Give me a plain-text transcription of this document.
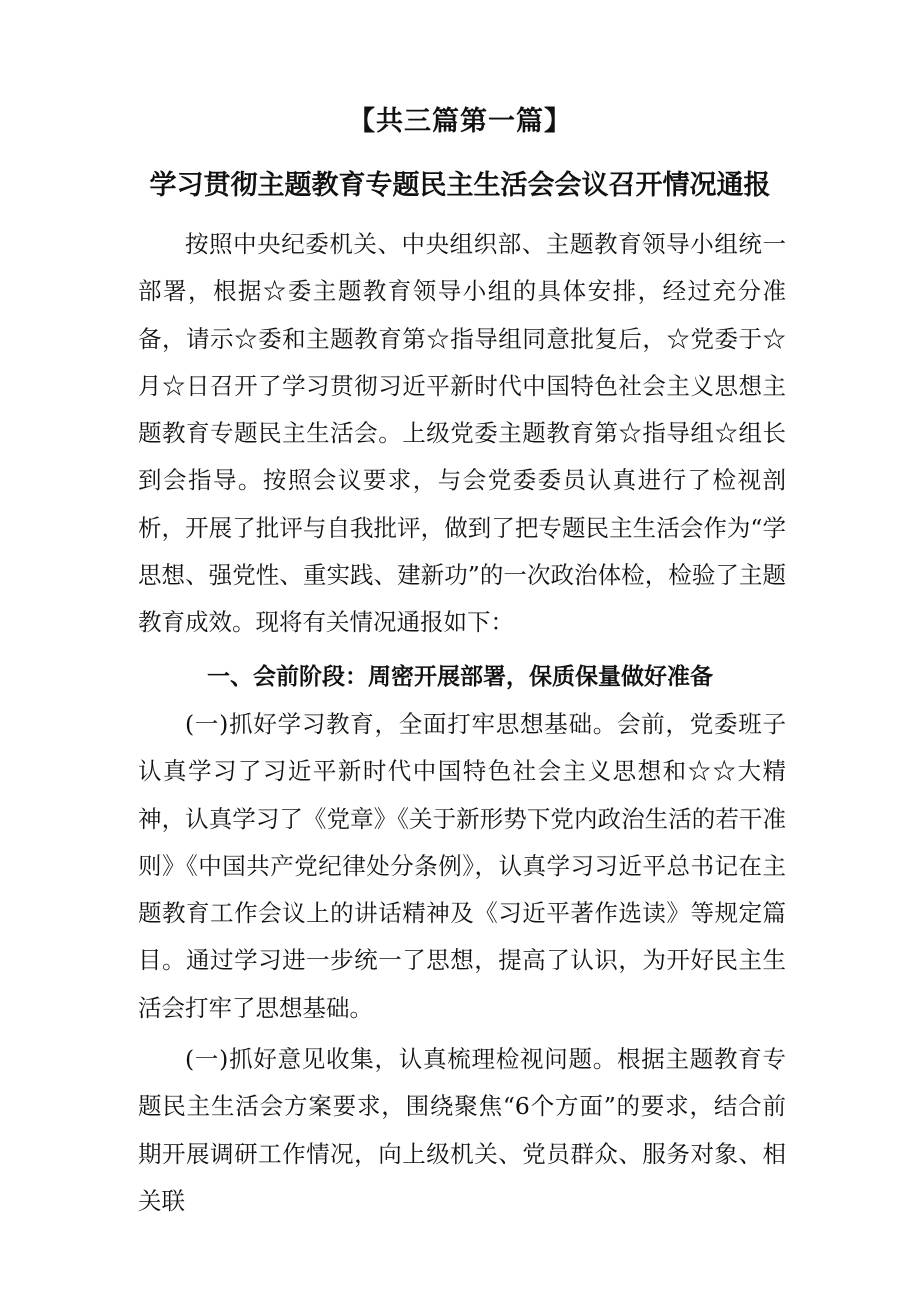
【共三篇第一篇】
学习贯彻主题教育专题民主生活会会议召开情况通报

按照中央纪委机关、中央组织部、主题教育领导小组统一部署，根据☆委主题教育领导小组的具体安排，经过充分准备，请示☆委和主题教育第☆指导组同意批复后，☆党委于☆月☆日召开了学习贯彻习近平新时代中国特色社会主义思想主题教育专题民主生活会。上级党委主题教育第☆指导组☆组长到会指导。按照会议要求，与会党委委员认真进行了检视剖析，开展了批评与自我批评，做到了把专题民主生活会作为“学思想、强党性、重实践、建新功”的一次政治体检，检验了主题教育成效。现将有关情况通报如下：

一、会前阶段：周密开展部署，保质保量做好准备

(一)抓好学习教育，全面打牢思想基础。会前，党委班子认真学习了习近平新时代中国特色社会主义思想和☆☆大精神，认真学习了《党章》《关于新形势下党内政治生活的若干准则》《中国共产党纪律处分条例》，认真学习习近平总书记在主题教育工作会议上的讲话精神及《习近平著作选读》等规定篇目。通过学习进一步统一了思想，提高了认识，为开好民主生活会打牢了思想基础。

(一)抓好意见收集，认真梳理检视问题。根据主题教育专题民主生活会方案要求，围绕聚焦“6个方面”的要求，结合前期开展调研工作情况，向上级机关、党员群众、服务对象、相关联
